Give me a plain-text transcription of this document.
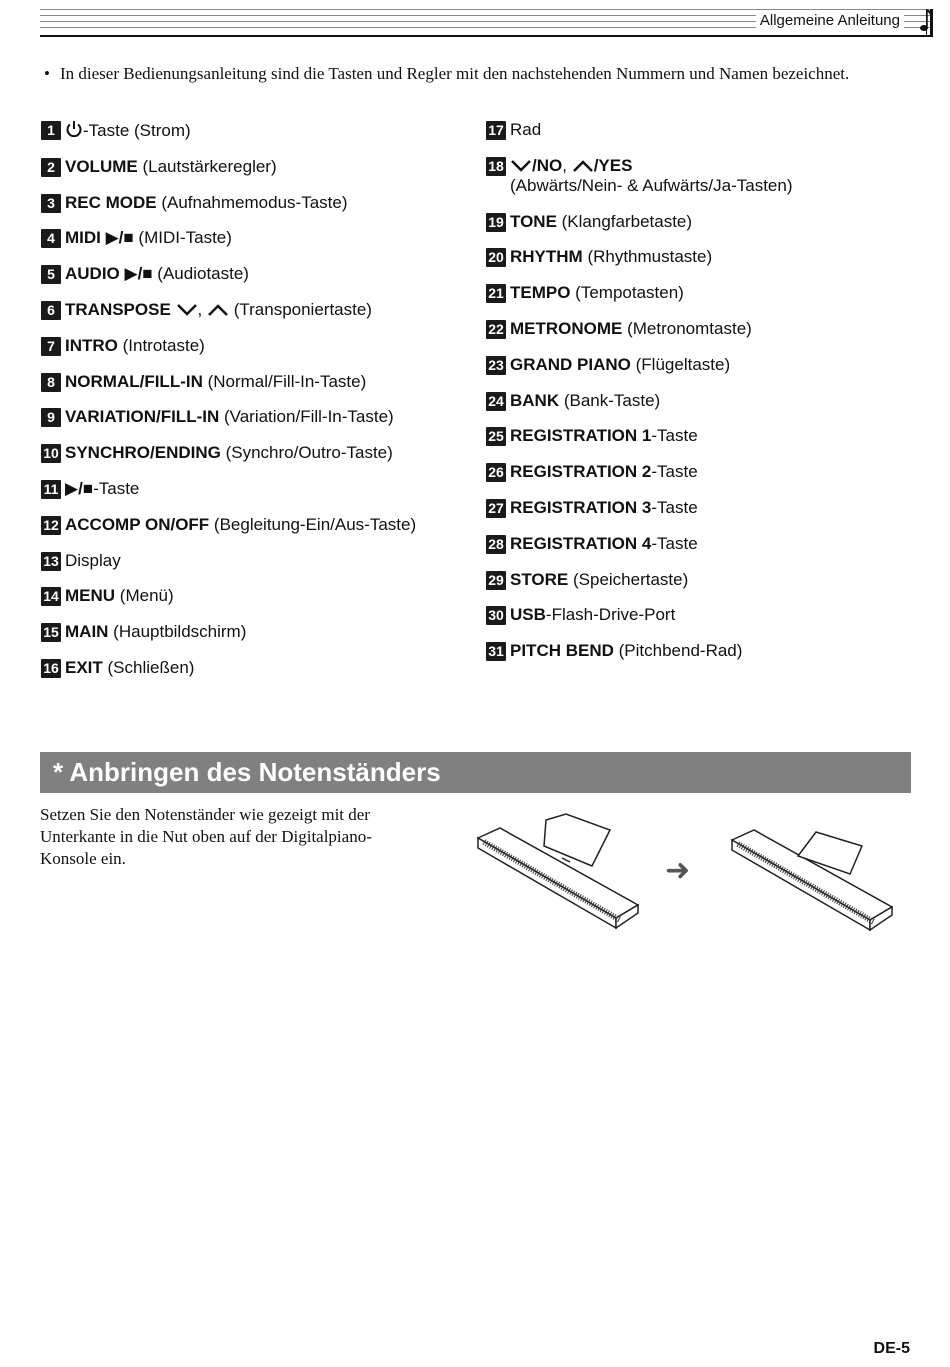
Allgemeine Anleitung
• In dieser Bedienungsanleitung sind die Tasten und Regler mit den nachstehenden Nummern und Namen bezeichnet.
1	-Taste (Strom)
2 VOLUME (Lautstärkeregler)
3 REC MODE (Aufnahmemodus-Taste)
4 MIDI ▶/■ (MIDI-Taste)
5 AUDIO ▶/■ (Audiotaste)
6 TRANSPOSE ,  (Transponiertaste)
7 INTRO (Introtaste)
8 NORMAL/FILL-IN (Normal/Fill-In-Taste)
9 VARIATION/FILL-IN (Variation/Fill-In-Taste)
10 SYNCHRO/ENDING (Synchro/Outro-Taste)
11 ▶/■-Taste
12 ACCOMP ON/OFF (Begleitung-Ein/Aus-Taste)
13 Display
14 MENU (Menü)
15 MAIN (Hauptbildschirm)
16 EXIT (Schließen)
17 Rad
18	/NO, /YES
(Abwärts/Nein- & Aufwärts/Ja-Tasten)
19 TONE (Klangfarbetaste)
20 RHYTHM (Rhythmustaste)
21 TEMPO (Tempotasten)
22 METRONOME (Metronomtaste)
23 GRAND PIANO (Flügeltaste)
24 BANK (Bank-Taste)
25 REGISTRATION 1-Taste
26 REGISTRATION 2-Taste
27 REGISTRATION 3-Taste
28 REGISTRATION 4-Taste
29 STORE (Speichertaste)
30 USB-Flash-Drive-Port
31 PITCH BEND (Pitchbend-Rad)
* Anbringen des Notenständers
Setzen Sie den Notenständer wie gezeigt mit der Unterkante in die Nut oben auf der Digitalpiano-Konsole ein.	➜
DE-5
